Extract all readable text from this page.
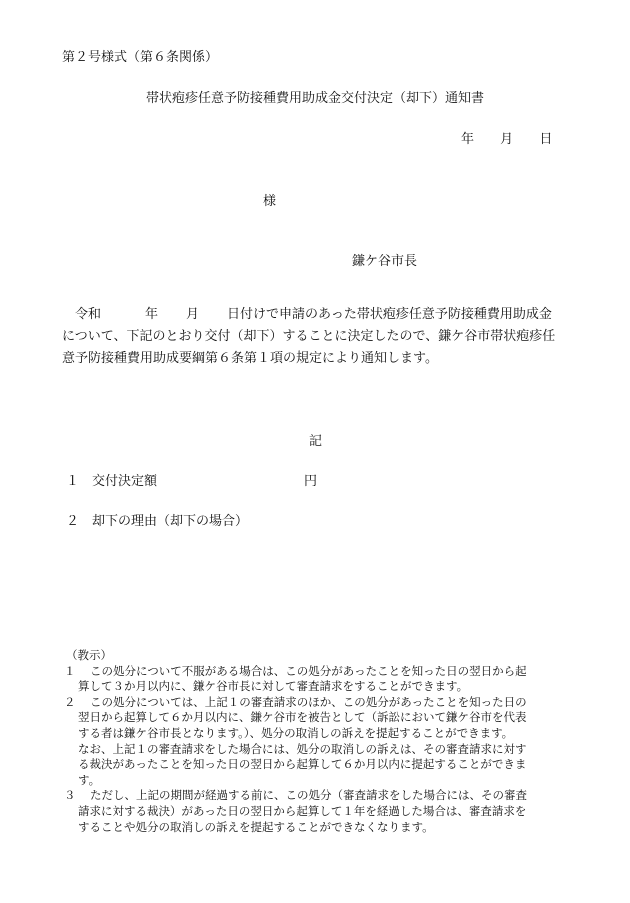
第２号様式（第６条関係）
帯状疱疹任意予防接種費用助成金交付決定（却下）通知書
年 月 日
様
鎌ケ谷市長
令和	年 月 日付けで申請のあった帯状疱疹任意予防接種費用助成金
について、下記のとおり交付（却下）することに決定したので、鎌ケ谷市帯状疱疹任
意予防接種費用助成要綱第６条第１項の規定により通知します。
記
１　交付決定額	円
２　却下の理由（却下の場合）
（教示）
１	この処分について不服がある場合は、この処分があったことを知った日の翌日から起
算して３か月以内に、鎌ケ谷市長に対して審査請求をすることができます。
２	この処分については、上記１の審査請求のほか、この処分があったことを知った日の
翌日から起算して６か月以内に、鎌ケ谷市を被告として（訴訟において鎌ケ谷市を代表
する者は鎌ケ谷市長となります。）、処分の取消しの訴えを提起することができます。
なお、上記１の審査請求をした場合には、処分の取消しの訴えは、その審査請求に対す
る裁決があったことを知った日の翌日から起算して６か月以内に提起することができま
す。
３	ただし、上記の期間が経過する前に、この処分（審査請求をした場合には、その審査
請求に対する裁決）があった日の翌日から起算して１年を経過した場合は、審査請求を
することや処分の取消しの訴えを提起することができなくなります。
